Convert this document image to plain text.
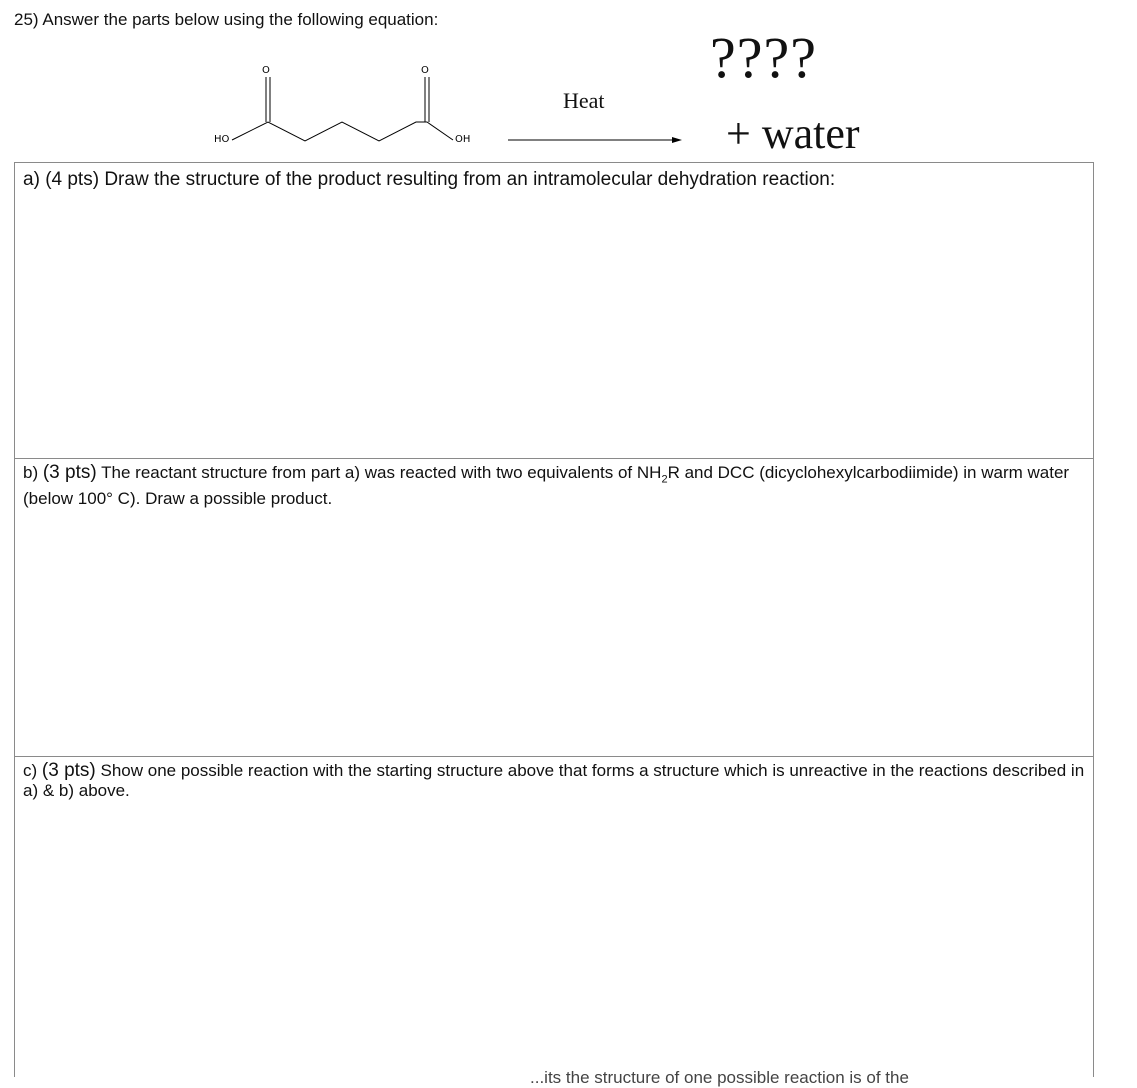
25) Answer the parts below using the following equation:
O	O
HO	OH
Heat
????
+ water

a) (4 pts) Draw the structure of the product resulting from an intramolecular dehydration reaction:

b) (3 pts) The reactant structure from part a) was reacted with two equivalents of $NH_2R$ and DCC (dicyclohexylcarbodiimide) in warm water (below 100° C). Draw a possible product.

c) (3 pts) Show one possible reaction with the starting structure above that forms a structure which is unreactive in the reactions described in a) & b) above.

...its the structure of one possible reaction is of the
